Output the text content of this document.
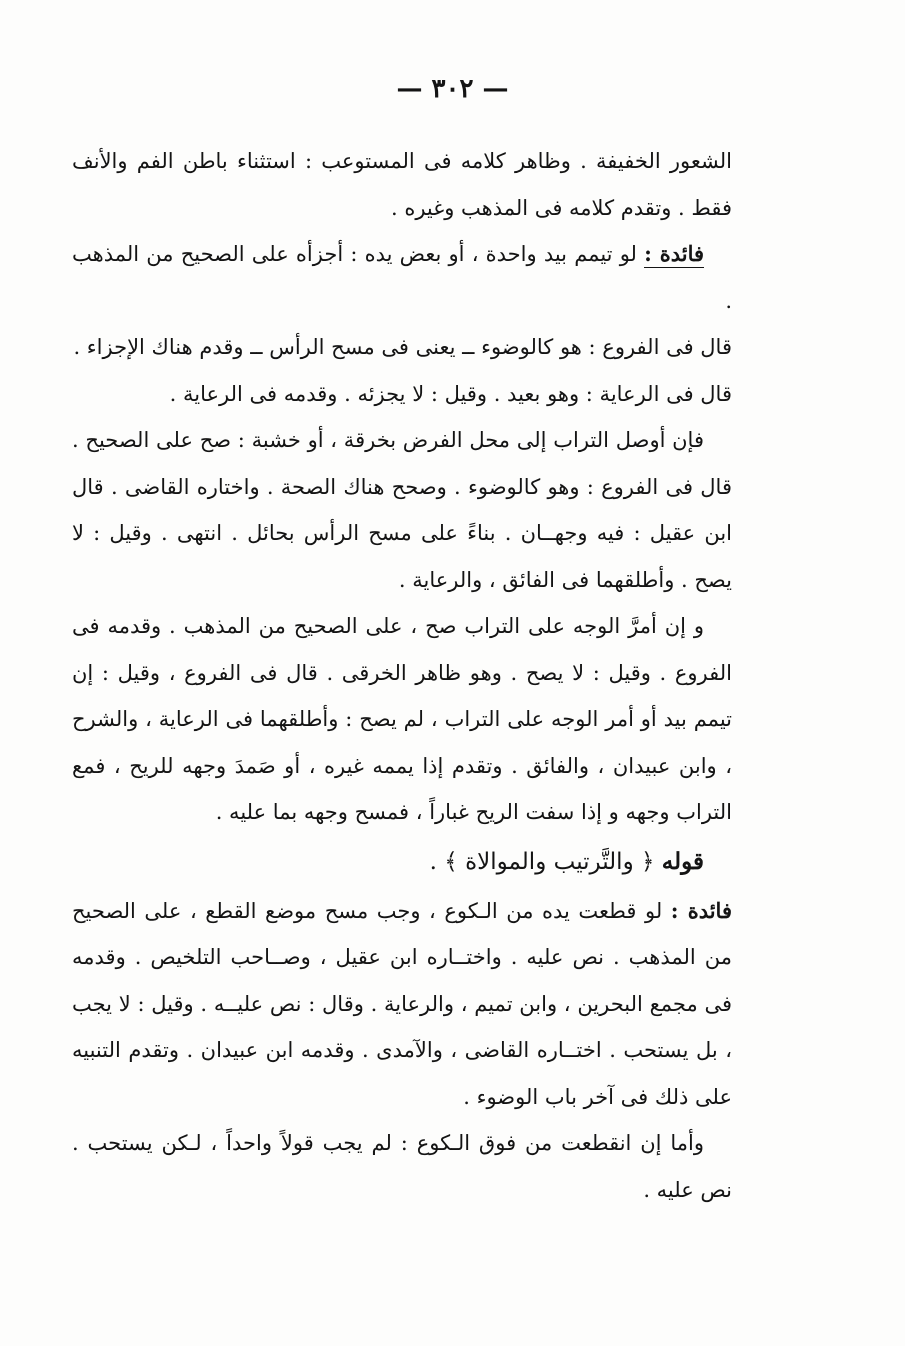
— ٣٠٢ —

الشعور الخفيفة . وظاهر كلامه فى المستوعب : استثناء باطن الفم والأنف فقط . وتقدم كلامه فى المذهب وغيره .

فائدة : لو تيمم بيد واحدة ، أو بعض يده : أجزأه على الصحيح من المذهب .

قال فى الفروع : هو كالوضوء ــ يعنى فى مسح الرأس ــ وقدم هناك الإجزاء .

قال فى الرعاية : وهو بعيد . وقيل : لا يجزئه . وقدمه فى الرعاية .

فإن أوصل التراب إلى محل الفرض بخرقة ، أو خشبة : صح على الصحيح . قال فى الفروع : وهو كالوضوء . وصحح هناك الصحة . واختاره القاضى . قال ابن عقيل : فيه وجهــان . بناءً على مسح الرأس بحائل . انتهى . وقيل : لا يصح . وأطلقهما فى الفائق ، والرعاية .

و إن أمرَّ الوجه على التراب صح ، على الصحيح من المذهب . وقدمه فى الفروع . وقيل : لا يصح . وهو ظاهر الخرقى . قال فى الفروع ، وقيل : إن تيمم بيد أو أمر الوجه على التراب ، لم يصح : وأطلقهما فى الرعاية ، والشرح ، وابن عبيدان ، والفائق . وتقدم إذا يممه غيره ، أو صَمدَ وجهه للريح ، فمع التراب وجهه و إذا سفت الريح غباراً ، فمسح وجهه بما عليه .

قوله ﴿ والتَّرتيب والموالاة ﴾ .

فائدة : لو قطعت يده من الـكوع ، وجب مسح موضع القطع ، على الصحيح من المذهب . نص عليه . واختــاره ابن عقيل ، وصــاحب التلخيص . وقدمه فى مجمع البحرين ، وابن تميم ، والرعاية . وقال : نص عليــه . وقيل : لا يجب ، بل يستحب . اختــاره القاضى ، والآمدى . وقدمه ابن عبيدان . وتقدم التنبيه على ذلك فى آخر باب الوضوء .

وأما إن انقطعت من فوق الـكوع : لم يجب قولاً واحداً ، لـكن يستحب . نص عليه .
